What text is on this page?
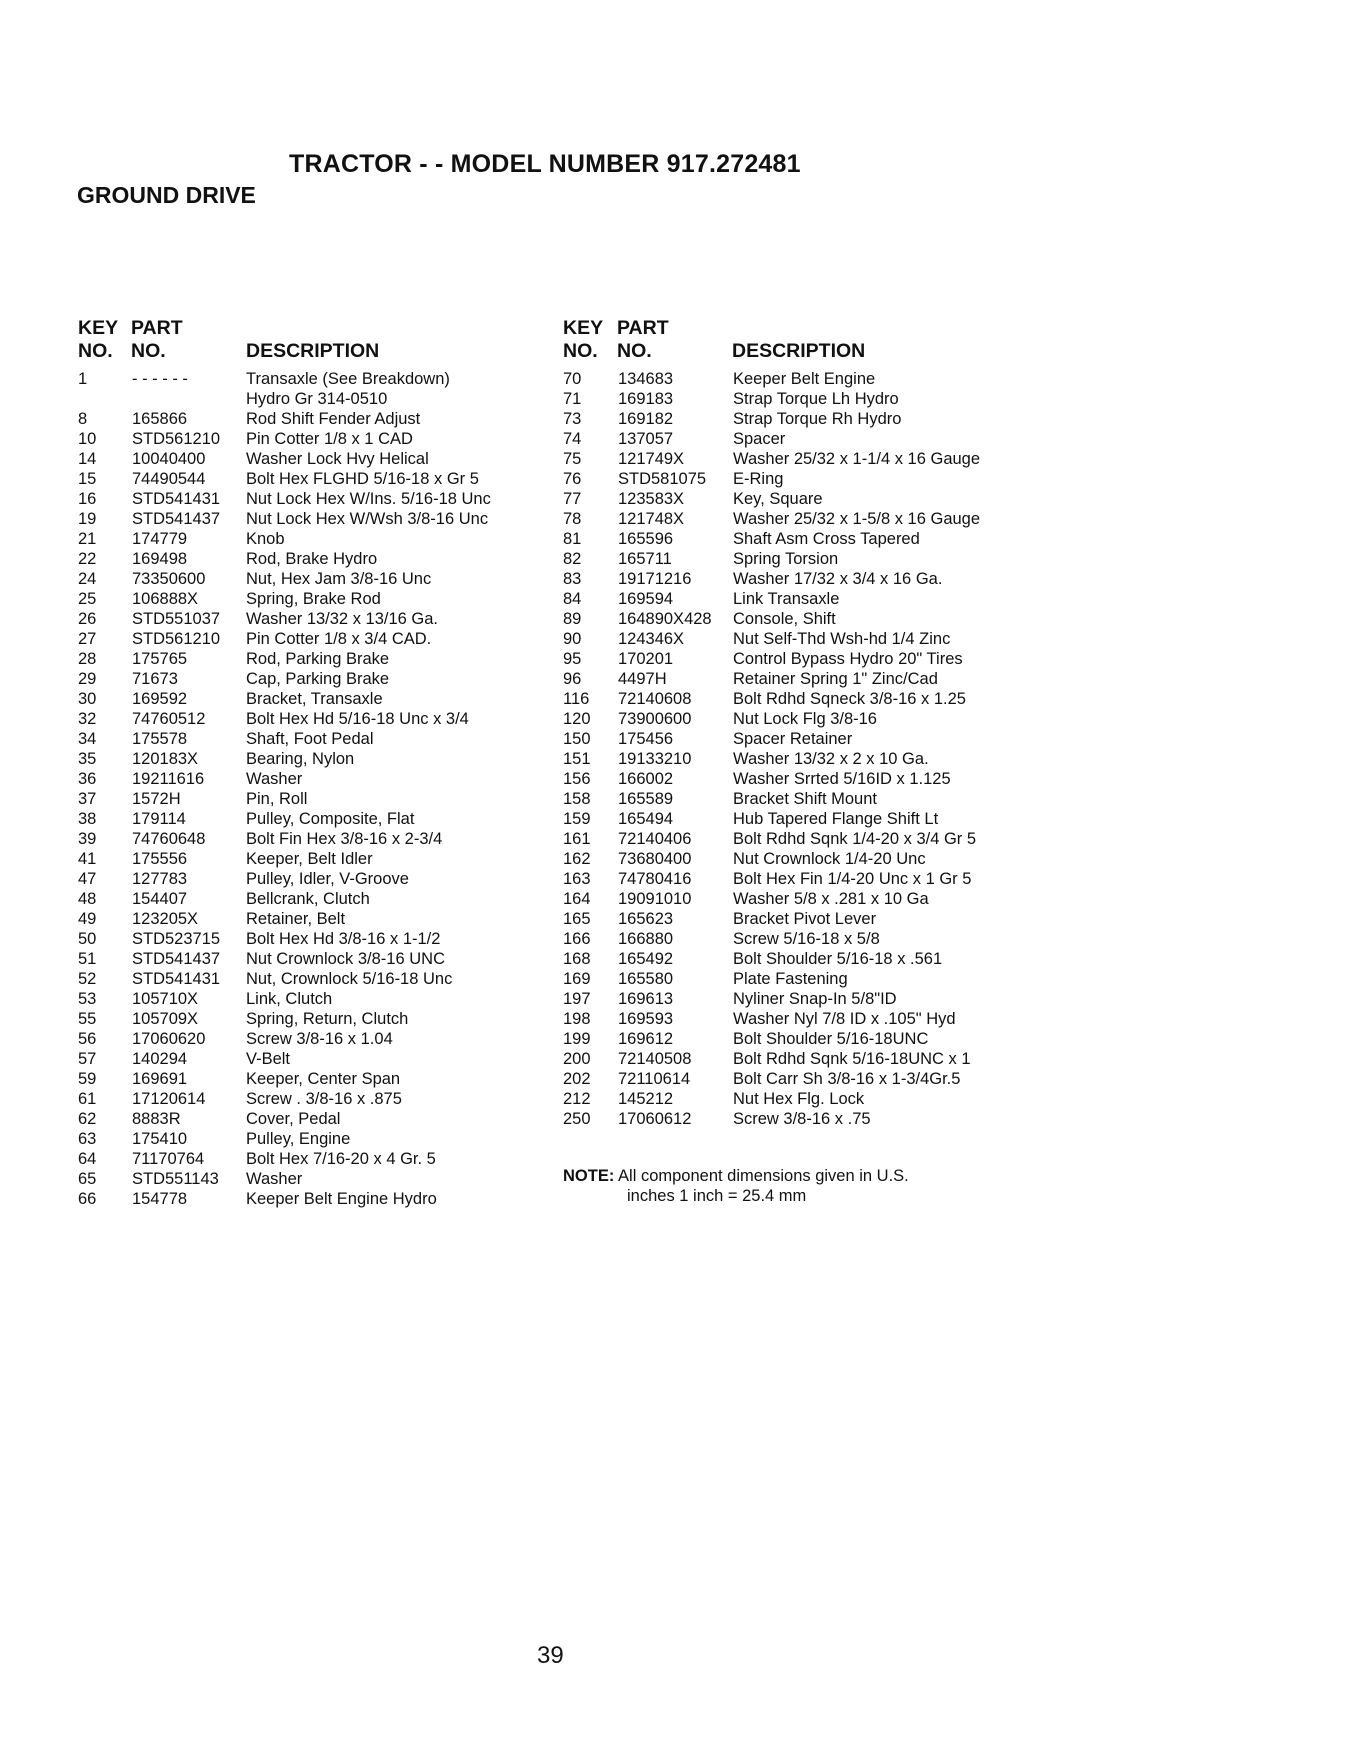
TRACTOR - - MODEL NUMBER 917.272481
GROUND DRIVE
KEY
NO.
PART
NO.	DESCRIPTION
1	- - - - - -	Transaxle (See Breakdown)
Hydro Gr 314-0510
8	165866	Rod Shift Fender Adjust
10 STD561210 Pin Cotter 1/8 x 1 CAD
14 10040400 Washer Lock Hvy Helical
15 74490544 Bolt Hex FLGHD 5/16-18 x Gr 5
16 STD541431 Nut Lock Hex W/Ins. 5/16-18 Unc
19 STD541437 Nut Lock Hex W/Wsh 3/8-16 Unc
21 174779	Knob
22 169498	Rod, Brake Hydro
24 73350600 Nut, Hex Jam 3/8-16 Unc
25 106888X	Spring, Brake Rod
26 STD551037 Washer 13/32 x 13/16 Ga.
27 STD561210 Pin Cotter 1/8 x 3/4 CAD.
28 175765	Rod, Parking Brake
29 71673	Cap, Parking Brake
30 169592	Bracket, Transaxle
32 74760512 Bolt Hex Hd 5/16-18 Unc x 3/4
34 175578	Shaft, Foot Pedal
35 120183X	Bearing, Nylon
36 19211616	Washer
37 1572H	Pin, Roll
38 179114	Pulley, Composite, Flat
39 74760648 Bolt Fin Hex 3/8-16 x 2-3/4
41 175556	Keeper, Belt Idler
47 127783	Pulley, Idler, V-Groove
48 154407	Bellcrank, Clutch
49 123205X	Retainer, Belt
50 STD523715 Bolt Hex Hd 3/8-16 x 1-1/2
51 STD541437 Nut Crownlock 3/8-16 UNC
52 STD541431 Nut, Crownlock 5/16-18 Unc
53 105710X	Link, Clutch
55 105709X	Spring, Return, Clutch
56 17060620 Screw 3/8-16 x 1.04
57 140294	V-Belt
59 169691	Keeper, Center Span
61 17120614 Screw . 3/8-16 x .875
62 8883R	Cover, Pedal
63 175410	Pulley, Engine
64 71170764	Bolt Hex 7/16-20 x 4 Gr. 5
65 STD551143 Washer
66 154778	Keeper Belt Engine Hydro
KEY
NO.
PART
NO.	DESCRIPTION
70 134683	Keeper Belt Engine
71 169183	Strap Torque Lh Hydro
73 169182	Strap Torque Rh Hydro
74 137057	Spacer
75 121749X	Washer 25/32 x 1-1/4 x 16 Gauge
76 STD581075 E-Ring
77 123583X	Key, Square
78 121748X	Washer 25/32 x 1-5/8 x 16 Gauge
81 165596	Shaft Asm Cross Tapered
82 165711	Spring Torsion
83 19171216	Washer 17/32 x 3/4 x 16 Ga.
84 169594	Link Transaxle
89 164890X428 Console, Shift
90 124346X	Nut Self-Thd Wsh-hd 1/4 Zinc
95 170201	Control Bypass Hydro 20" Tires
96 4497H	Retainer Spring 1" Zinc/Cad
116 72140608	Bolt Rdhd Sqneck 3/8-16 x 1.25
120 73900600	Nut Lock Flg 3/8-16
150 175456	Spacer Retainer
151 19133210	Washer 13/32 x 2 x 10 Ga.
156 166002	Washer Srrted 5/16ID x 1.125
158 165589	Bracket Shift Mount
159 165494	Hub Tapered Flange Shift Lt
161 72140406	Bolt Rdhd Sqnk 1/4-20 x 3/4 Gr 5
162 73680400	Nut Crownlock 1/4-20 Unc
163 74780416	Bolt Hex Fin 1/4-20 Unc x 1 Gr 5
164 19091010	Washer 5/8 x .281 x 10 Ga
165 165623	Bracket Pivot Lever
166 166880	Screw 5/16-18 x 5/8
168 165492	Bolt Shoulder 5/16-18 x .561
169 165580	Plate Fastening
197 169613	Nyliner Snap-In 5/8"ID
198 169593	Washer Nyl 7/8 ID x .105" Hyd
199 169612	Bolt Shoulder 5/16-18UNC
200 72140508	Bolt Rdhd Sqnk 5/16-18UNC x 1
202 72110614	Bolt Carr Sh 3/8-16 x 1-3/4Gr.5
212 145212	Nut Hex Flg. Lock
250 17060612	Screw 3/8-16 x .75
NOTE: All component dimensions given in U.S.
inches 1 inch = 25.4 mm
39
